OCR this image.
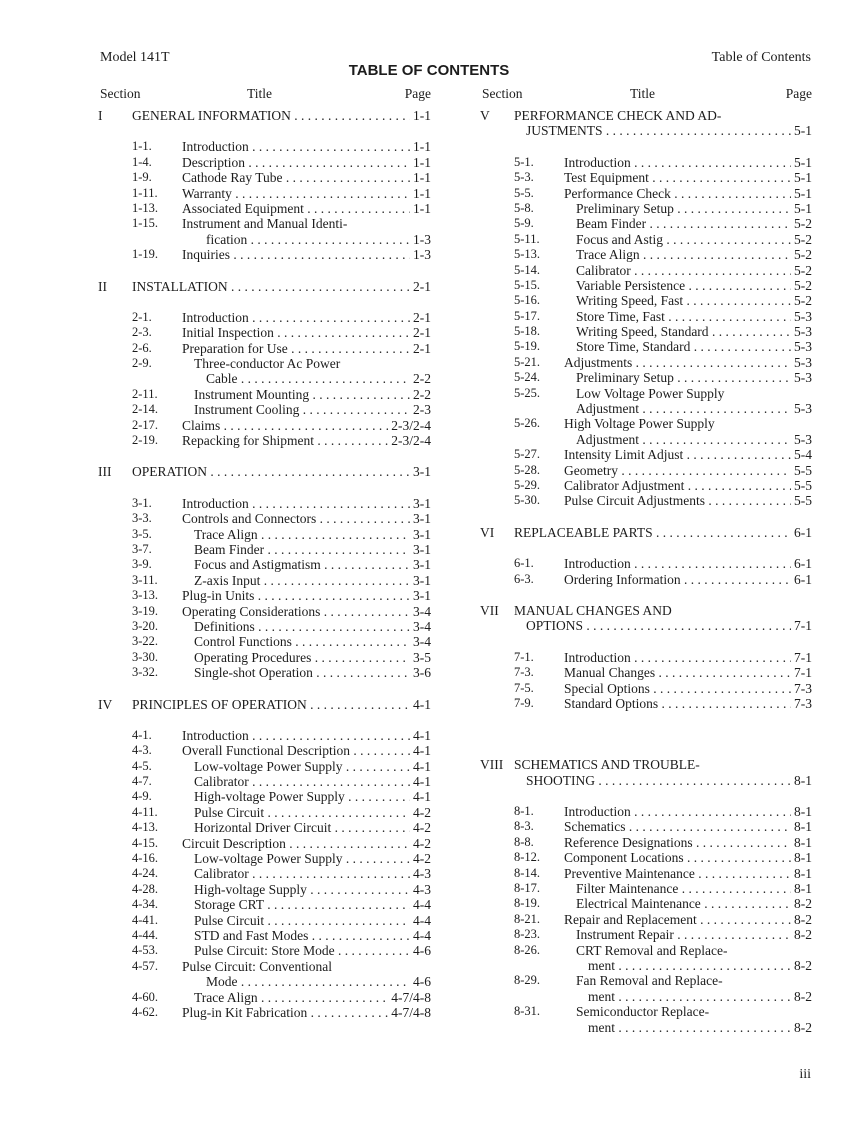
Model 141T	Table of Contents
TABLE OF CONTENTS
Section	Title	Page
I GENERAL INFORMATION . . .	1-1
1-1. Introduction . . .	1-1
1-4. Description . . .	1-1
1-9. Cathode Ray Tube . . .	1-1
1-11. Warranty . . .	1-1
1-13. Associated Equipment . . .	1-1
1-15. Instrument and Manual Identi-
fication . . .	1-3
1-19. Inquiries . . .	1-3
II INSTALLATION . . .	2-1
2-1. Introduction . . .	2-1
2-3. Initial Inspection . . .	2-1
2-6. Preparation for Use . . .	2-1
2-9.	Three-conductor Ac Power
Cable . . .	2-2
2-11.	Instrument Mounting . . .	2-2
2-14.	Instrument Cooling . . .	2-3
2-17. Claims . . .	2-3/2-4
2-19. Repacking for Shipment . . .	2-3/2-4
III OPERATION . . .	3-1
3-1. Introduction . . .	3-1
3-3. Controls and Connectors . . .	3-1
3-5.	Trace Align . . .	3-1
3-7.	Beam Finder . . .	3-1
3-9.	Focus and Astigmatism . . .	3-1
3-11.	Z-axis Input . . .	3-1
3-13. Plug-in Units . . .	3-1
3-19. Operating Considerations . . .	3-4
3-20.	Definitions . . .	3-4
3-22.	Control Functions . . .	3-4
3-30.	Operating Procedures . . .	3-5
3-32.	Single-shot Operation . . .	3-6
IV PRINCIPLES OF OPERATION . . .	4-1
4-1. Introduction . . .	4-1
4-3. Overall Functional Description . . .	4-1
4-5.	Low-voltage Power Supply . . .	4-1
4-7.	Calibrator . . .	4-1
4-9.	High-voltage Power Supply . . .	4-1
4-11.	Pulse Circuit . . .	4-2
4-13.	Horizontal Driver Circuit . . .	4-2
4-15. Circuit Description . . .	4-2
4-16.	Low-voltage Power Supply . . .	4-2
4-24.	Calibrator . . .	4-3
4-28.	High-voltage Supply . . .	4-3
4-34.	Storage CRT . . .	4-4
4-41.	Pulse Circuit . . .	4-4
4-44.	STD and Fast Modes . . .	4-4
4-53.	Pulse Circuit: Store Mode . . .	4-6
4-57. Pulse Circuit: Conventional
Mode . . .	4-6
4-60.	Trace Align . . .	4-7/4-8
4-62. Plug-in Kit Fabrication . . .	4-7/4-8
Section	Title	Page
V PERFORMANCE CHECK AND AD-
JUSTMENTS . . .	5-1
5-1. Introduction . . .	5-1
5-3. Test Equipment . . .	5-1
5-5. Performance Check . . .	5-1
5-8.	Preliminary Setup . . .	5-1
5-9.	Beam Finder . . .	5-2
5-11.	Focus and Astig . . .	5-2
5-13.	Trace Align . . .	5-2
5-14.	Calibrator . . .	5-2
5-15.	Variable Persistence . . .	5-2
5-16.	Writing Speed, Fast . . .	5-2
5-17.	Store Time, Fast . . .	5-3
5-18.	Writing Speed, Standard . . .	5-3
5-19.	Store Time, Standard . . .	5-3
5-21. Adjustments . . .	5-3
5-24.	Preliminary Setup . . .	5-3
5-25.	Low Voltage Power Supply
Adjustment . . .	5-3
5-26. High Voltage Power Supply
Adjustment . . .	5-3
5-27. Intensity Limit Adjust . . .	5-4
5-28. Geometry . . .	5-5
5-29. Calibrator Adjustment . . .	5-5
5-30. Pulse Circuit Adjustments . . .	5-5
VI REPLACEABLE PARTS . . .	6-1
6-1. Introduction . . .	6-1
6-3. Ordering Information . . .	6-1
VII MANUAL CHANGES AND
OPTIONS . . .	7-1
7-1. Introduction . . .	7-1
7-3. Manual Changes . . .	7-1
7-5. Special Options . . .	7-3
7-9. Standard Options . . .	7-3
VIII SCHEMATICS AND TROUBLE-
SHOOTING . . .	8-1
8-1. Introduction . . .	8-1
8-3. Schematics . . .	8-1
8-8. Reference Designations . . .	8-1
8-12. Component Locations . . .	8-1
8-14. Preventive Maintenance . . .	8-1
8-17.	Filter Maintenance . . .	8-1
8-19.	Electrical Maintenance . . .	8-2
8-21. Repair and Replacement . . .	8-2
8-23.	Instrument Repair . . .	8-2
8-26.	CRT Removal and Replace-
ment . . .	8-2
8-29.	Fan Removal and Replace-
ment . . .	8-2
8-31.	Semiconductor Replace-
ment . . .	8-2
iii
